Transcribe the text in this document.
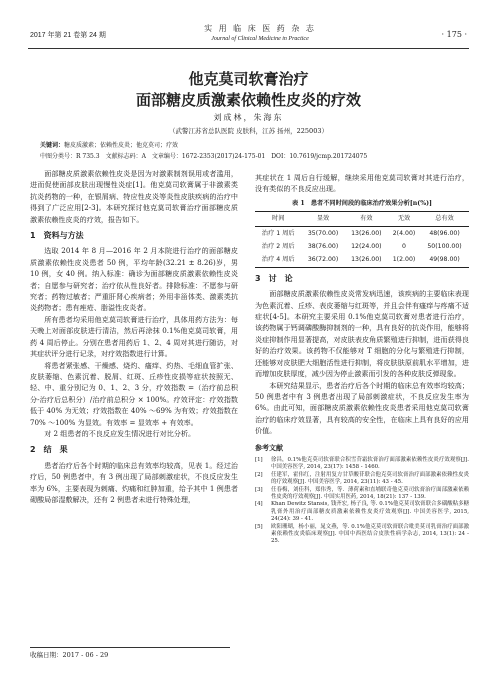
2017 年第 21 卷第 24 期
实 用 临 床 医 药 杂 志
Journal of Clinical Medicine in Practice	· 175 ·
他克莫司软膏治疗
面部糖皮质激素依赖性皮炎的疗效
刘成林，朱海东
（武警江苏省总队医院 皮肤科，江苏 扬州，225003）
关键词：糖皮质激素；依赖性皮炎；他克莫司；疗效
中图分类号：R 735.3　文献标志码：A　文章编号：1672-2353(2017)24-175-01　DOI：10.7619/jcmp.201724075

面部糖皮质激素依赖性皮炎是因为对激素制剂误用或者滥用，进而促使面部皮肤出现慢性炎症[1]。他克莫司软膏属于非激素类抗炎药物的一种，在银屑病、特应性皮炎等炎性皮肤疾病的治疗中得到了广泛应用[2-3]。本研究探讨他克莫司软膏治疗面部糖皮质激素依赖性皮炎的疗效，报告如下。

1　资料与方法

选取 2014 年 8 月—2016 年 2 月本院进行治疗的面部糖皮质激素依赖性皮炎患者 50 例，平均年龄(32.21 ± 8.26)岁，男 10 例，女 40 例。纳入标准：确诊为面部糖皮质激素依赖性皮炎者；自愿参与研究者；治疗依从性良好者。排除标准：不愿参与研究者；药物过敏者；严重肝肾心疾病者；外用非甾体类、激素类抗炎药物者；患有痤疮、脂溢性皮炎者。

所有患者均采用他克莫司软膏进行治疗，具体用药方法为：每天晚上对面部皮肤进行清洁，然后再涂抹 0.1%他克莫司软膏，用药 4 周后停止。分别在患者用药后 1、2、4 周对其进行随访，对其症状评分进行记录，对疗效指数进行计算。

将患者紧张感、干燥感、烧灼、瘙痒、灼热、毛细血管扩张、皮肤萎缩、色素沉着、脱屑、红斑、丘疹性皮损等症状按照无、轻、中、重分别记为 0、1、2、3 分，疗效指数 =（治疗前总积分-治疗后总积分）/治疗前总积分 × 100%。疗效评定：疗效指数低于 40% 为无效；疗效指数在 40% ～69% 为有效；疗效指数在 70% ～100% 为显效。有效率 = 显效率 + 有效率。

对 2 组患者的不良反应发生情况进行对比分析。

2　结　果

患者治疗后各个时期的临床总有效率均较高，见表 1。经过治疗后，50 例患者中，有 3 例出现了局部刺激症状，不良反应发生率为 6%，主要表现为刺痛、灼痛和红肿加重，给予其中 1 例患者砌酸局部湿敷解决，还有 2 例患者未进行特殊处理，

其症状在 1 周后自行缓解，继续采用他克莫司软膏对其进行治疗，没有类似的不良反应出现。

表 1　患者不同时间段的临床治疗效果分析[n(%)]
时间	显效	有效	无效	总有效
治疗 1 周后	35(70.00)	13(26.00)	2(4.00)	48(96.00)
治疗 2 周后	38(76.00)	12(24.00)	0	50(100.00)
治疗 4 周后	36(72.00)	13(26.00)	1(2.00)	49(98.00)
3　讨　论

面部糖皮质激素依赖性皮炎常发病迅速，该疾病的主要临床表现为色素沉着、丘疹、表皮萎缩与红斑等，并且会伴有瘙痒与疼痛不适症状[4-5]。本研究主要采用 0.1%他克莫司软膏对患者进行治疗，该药物属于钙调磷酸酶抑制剂的一种，具有良好的抗炎作用，能够将炎症抑制作用显著提高，对皮肤表皮角质繁殖进行抑制，进而获得良好的治疗效果。该药物不仅能够对 T 细胞的分化与繁殖进行抑制，还能够对皮肤肥大细胞活性进行抑制，将皮肤肤原前肌水平增加，进而增加皮肤厚度，减少因为停止激素而引发的各种皮肤反弹现象。

本研究结果显示，患者治疗后各个时期的临床总有效率均较高；50 例患者中有 3 例患者出现了局部刺激症状，不良反应发生率为 6%。由此可知，面部糖皮质激素依赖性皮炎患者采用他克莫司软膏治疗的临床疗效显著，具有较高的安全性，在临床上具有良好的应用价值。

参考文献
[1]	徐昌，0.1%他克莫司软膏联合积雪苷霜软膏治疗面部激素依赖性皮炎疗效观察[J]. 中国美容医学, 2014, 23(17): 1458 - 1460.
[2]	任建军，霍伟红，注射用复方甘草酸苷联合他克莫司软膏治疗面部激素依赖性皮炎的疗效观察[J]. 中国美容医学, 2014, 23(11): 43 - 45.
[3]	任春梅，刘佳科，郑伟秀，等．薄荷素和直埔联奇他克莫司软膏治疗面部激素依赖性皮炎的疗效观察[J]. 中国实用医药, 2014, 18(21): 137 - 139.
[4]	Khan Dewitz Stansis, 钱齐宏, 杨子良, 等. 0.1%他克莫司软膏联合多磺酸粘多糖乳膏外用治疗面部糖皮质激素依赖性皮炎疗效观察[J]. 中国美容医学, 2015, 24(24): 39 - 41.
[5]	欧阳珊瑚，杨小丽，晁文燕，等. 0.1%他克莫司软膏联合吡美莫司乳膏治疗面部激素依赖性皮炎临床观察[J]. 中国中西医结合皮肤性病学杂志, 2014, 13(1): 24 - 25.
收稿日期：2017 - 06 - 29
